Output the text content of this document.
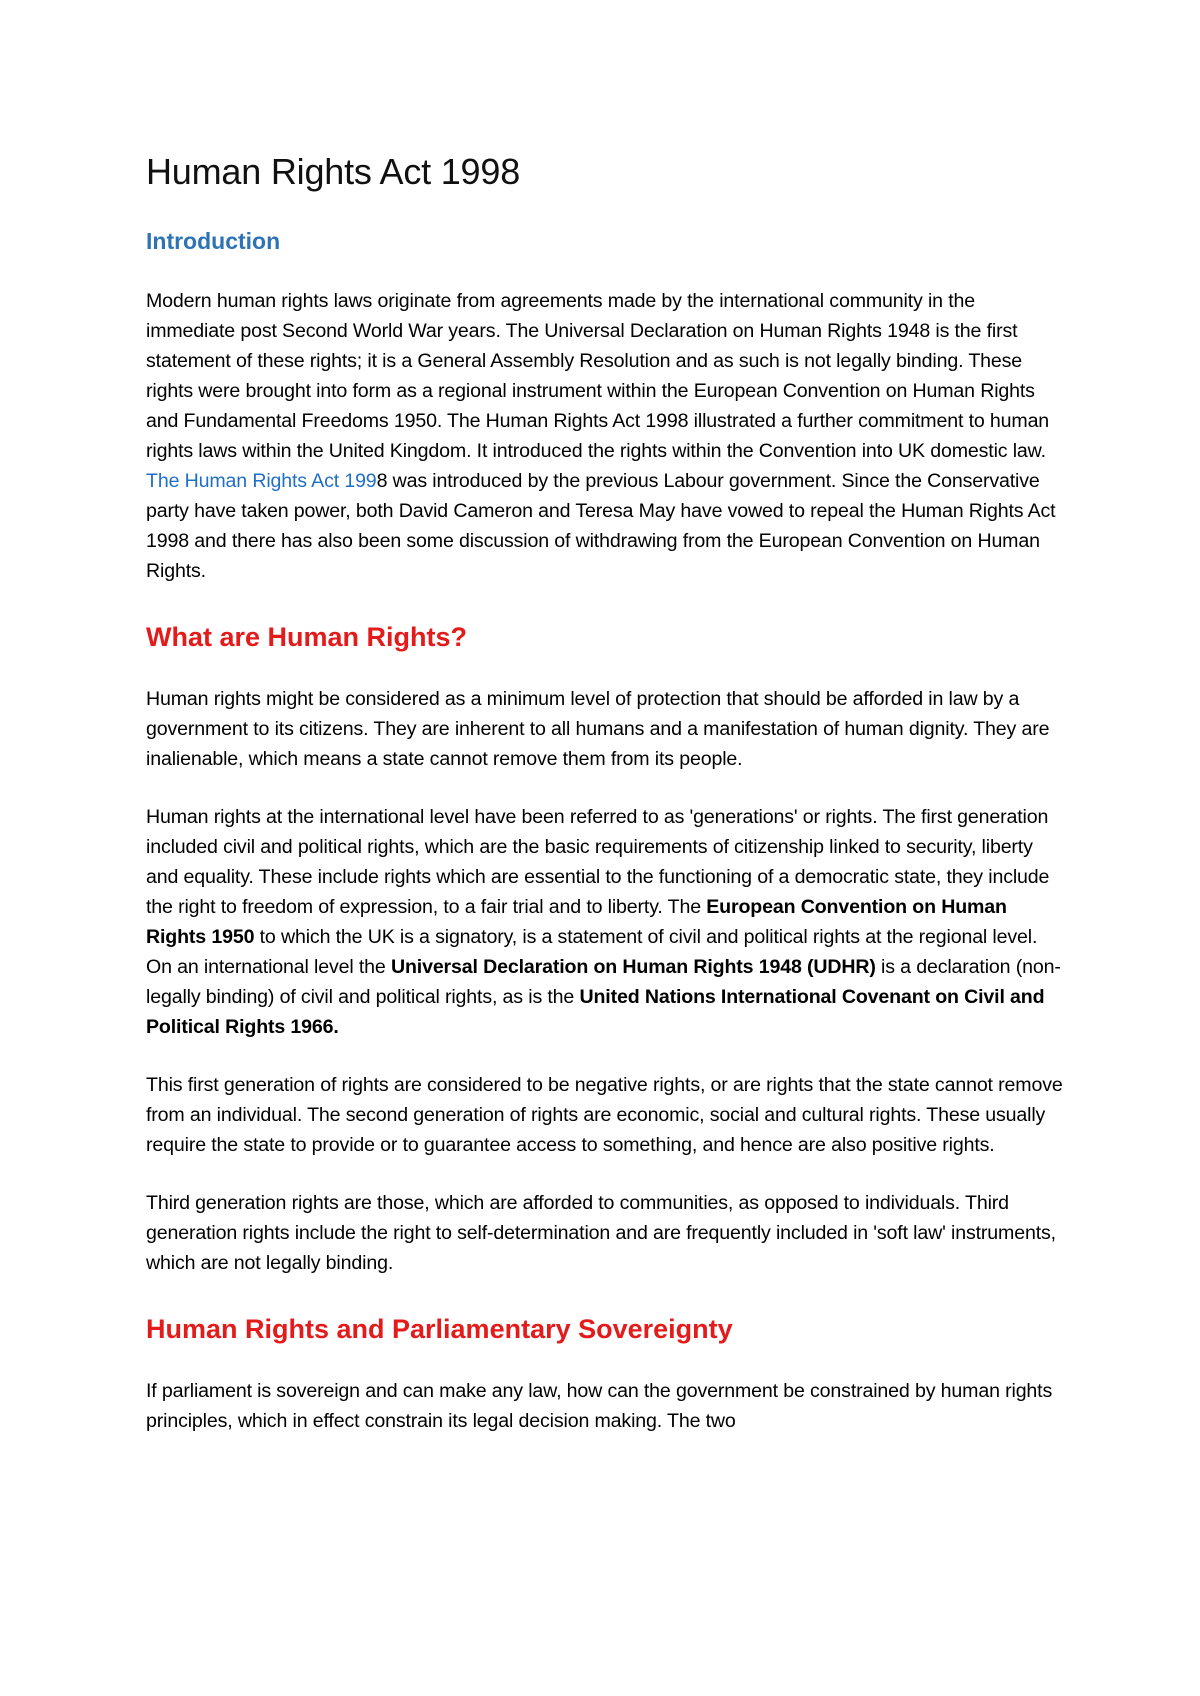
Human Rights Act 1998
Introduction

Modern human rights laws originate from agreements made by the international community in the immediate post Second World War years. The Universal Declaration on Human Rights 1948 is the first statement of these rights; it is a General Assembly Resolution and as such is not legally binding. These rights were brought into form as a regional instrument within the European Convention on Human Rights and Fundamental Freedoms 1950. The Human Rights Act 1998 illustrated a further commitment to human rights laws within the United Kingdom. It introduced the rights within the Convention into UK domestic law. The Human Rights Act 1998 was introduced by the previous Labour government. Since the Conservative party have taken power, both David Cameron and Teresa May have vowed to repeal the Human Rights Act 1998 and there has also been some discussion of withdrawing from the European Convention on Human Rights.

What are Human Rights?

Human rights might be considered as a minimum level of protection that should be afforded in law by a government to its citizens. They are inherent to all humans and a manifestation of human dignity. They are inalienable, which means a state cannot remove them from its people.

Human rights at the international level have been referred to as 'generations' or rights. The first generation included civil and political rights, which are the basic requirements of citizenship linked to security, liberty and equality. These include rights which are essential to the functioning of a democratic state, they include the right to freedom of expression, to a fair trial and to liberty. The European Convention on Human Rights 1950 to which the UK is a signatory, is a statement of civil and political rights at the regional level. On an international level the Universal Declaration on Human Rights 1948 (UDHR) is a declaration (non-legally binding) of civil and political rights, as is the United Nations International Covenant on Civil and Political Rights 1966.

This first generation of rights are considered to be negative rights, or are rights that the state cannot remove from an individual. The second generation of rights are economic, social and cultural rights. These usually require the state to provide or to guarantee access to something, and hence are also positive rights.

Third generation rights are those, which are afforded to communities, as opposed to individuals. Third generation rights include the right to self-determination and are frequently included in 'soft law' instruments, which are not legally binding.

Human Rights and Parliamentary Sovereignty

If parliament is sovereign and can make any law, how can the government be constrained by human rights principles, which in effect constrain its legal decision making. The two
